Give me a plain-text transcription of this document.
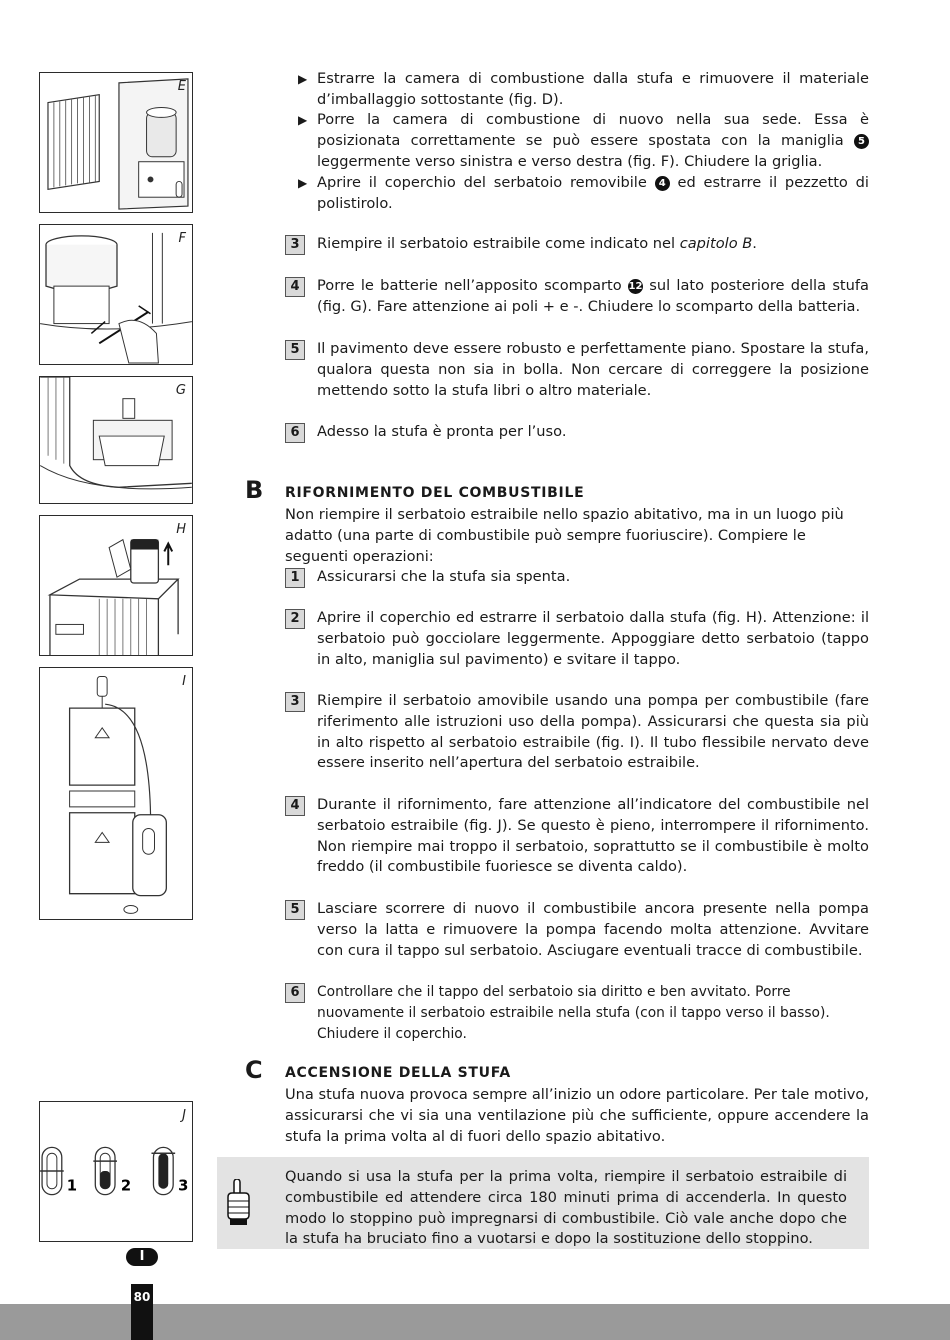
E
F
G
H
I
1	2	3
J
▶ Estrarre la camera di combustione dalla stufa e rimuovere il materiale d’imballaggio sottostante (fig. D).
▶ Porre la camera di combustione di nuovo nella sua sede. Essa è posizionata correttamente se può essere spostata con la maniglia 5 leggermente verso sinistra e verso destra (fig. F). Chiudere la griglia.
▶ Aprire il coperchio del serbatoio removibile 4 ed estrarre il pezzetto di polistirolo.
3	Riempire il serbatoio estraibile come indicato nel capitolo B.
4	Porre le batterie nell’apposito scomparto 12 sul lato posteriore della stufa (fig. G). Fare attenzione ai poli + e -. Chiudere lo scomparto della batteria.
5	Il pavimento deve essere robusto e perfettamente piano. Spostare la stufa, qualora questa non sia in bolla. Non cercare di correggere la posizione mettendo sotto la stufa libri o altro materiale.
6	Adesso la stufa è pronta per l’uso.
B RIFORNIMENTO DEL COMBUSTIBILE
Non riempire il serbatoio estraibile nello spazio abitativo, ma in un luogo più adatto (una parte di combustibile può sempre fuoriuscire). Compiere le seguenti operazioni:
1	Assicurarsi che la stufa sia spenta.
2	Aprire il coperchio ed estrarre il serbatoio dalla stufa (fig. H). Attenzione: il serbatoio può gocciolare leggermente. Appoggiare detto serbatoio (tappo in alto, maniglia sul pavimento) e svitare il tappo.
3	Riempire il serbatoio amovibile usando una pompa per combustibile (fare riferimento alle istruzioni uso della pompa). Assicurarsi che questa sia più in alto rispetto al serbatoio estraibile (fig. I). Il tubo flessibile nervato deve essere inserito nell’apertura del serbatoio estraibile.
4	Durante il rifornimento, fare attenzione all’indicatore del combustibile nel serbatoio estraibile (fig. J). Se questo è pieno, interrompere il rifornimento. Non riempire mai troppo il serbatoio, soprattutto se il combustibile è molto freddo (il combustibile fuoriesce se diventa caldo).
5	Lasciare scorrere di nuovo il combustibile ancora presente nella pompa verso la latta e rimuovere la pompa facendo molta attenzione. Avvitare con cura il tappo sul serbatoio. Asciugare eventuali tracce di combustibile.
6	Controllare che il tappo del serbatoio sia diritto e ben avvitato. Porre nuovamente il serbatoio estraibile nella stufa (con il tappo verso il basso). Chiudere il coperchio.
C ACCENSIONE DELLA STUFA
Una stufa nuova provoca sempre all’inizio un odore particolare. Per tale motivo, assicurarsi che vi sia una ventilazione più che sufficiente, oppure accendere la stufa la prima volta al di fuori dello spazio abitativo.
Quando si usa la stufa per la prima volta, riempire il serbatoio estraibile di combustibile ed attendere circa 180 minuti prima di accenderla. In questo modo lo stoppino può impregnarsi di combustibile. Ciò vale anche dopo che la stufa ha bruciato fino a vuotarsi e dopo la sostituzione dello stoppino.
I
80
